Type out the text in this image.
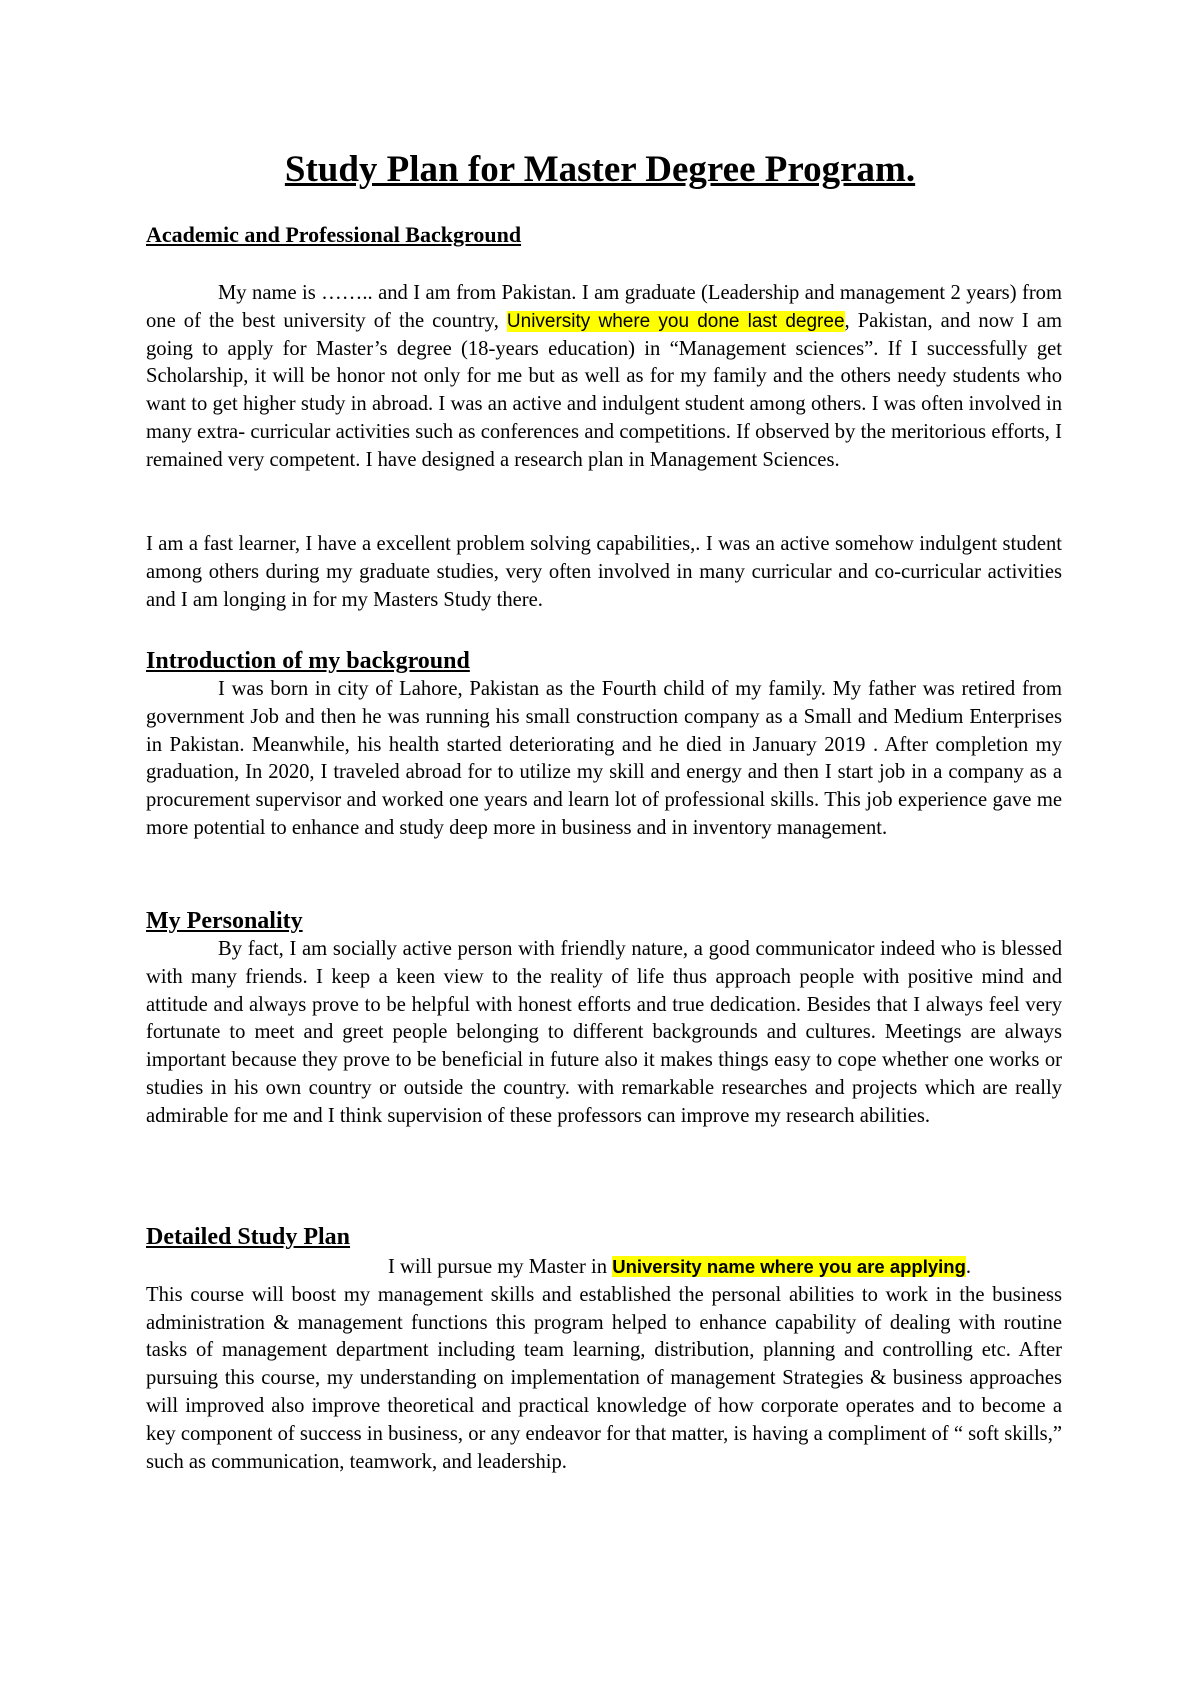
Study Plan for Master Degree Program.
Academic and Professional Background

My name is …….. and I am from Pakistan. I am graduate (Leadership and management 2 years) from one of the best university of the country, University where you done last degree, Pakistan, and now I am going to apply for Master’s degree (18-years education) in “Management sciences”. If I successfully get Scholarship, it will be honor not only for me but as well as for my family and the others needy students who want to get higher study in abroad. I was an active and indulgent student among others. I was often involved in many extra- curricular activities such as conferences and competitions. If observed by the meritorious efforts, I remained very competent. I have designed a research plan in Management Sciences.

I am a fast learner, I have a excellent problem solving capabilities,. I was an active somehow indulgent student among others during my graduate studies, very often involved in many curricular and co-curricular activities and I am longing in for my Masters Study there.

Introduction of my background

I was born in city of Lahore, Pakistan as the Fourth child of my family. My father was retired from government Job and then he was running his small construction company as a Small and Medium Enterprises in Pakistan. Meanwhile, his health started deteriorating and he died in January 2019 . After completion my graduation, In 2020, I traveled abroad for to utilize my skill and energy and then I start job in a company as a procurement supervisor and worked one years and learn lot of professional skills. This job experience gave me more potential to enhance and study deep more in business and in inventory management.

My Personality

By fact, I am socially active person with friendly nature, a good communicator indeed who is blessed with many friends. I keep a keen view to the reality of life thus approach people with positive mind and attitude and always prove to be helpful with honest efforts and true dedication. Besides that I always feel very fortunate to meet and greet people belonging to different backgrounds and cultures. Meetings are always important because they prove to be beneficial in future also it makes things easy to cope whether one works or studies in his own country or outside the country. with remarkable researches and projects which are really admirable for me and I think supervision of these professors can improve my research abilities.

Detailed Study Plan

I will pursue my Master in University name where you are applying.
This course will boost my management skills and established the personal abilities to work in the business administration & management functions this program helped to enhance capability of dealing with routine tasks of management department including team learning, distribution, planning and controlling etc. After pursuing this course, my understanding on implementation of management Strategies & business approaches will improved also improve theoretical and practical knowledge of how corporate operates and to become a key component of success in business, or any endeavor for that matter, is having a compliment of “ soft skills,” such as communication, teamwork, and leadership.
